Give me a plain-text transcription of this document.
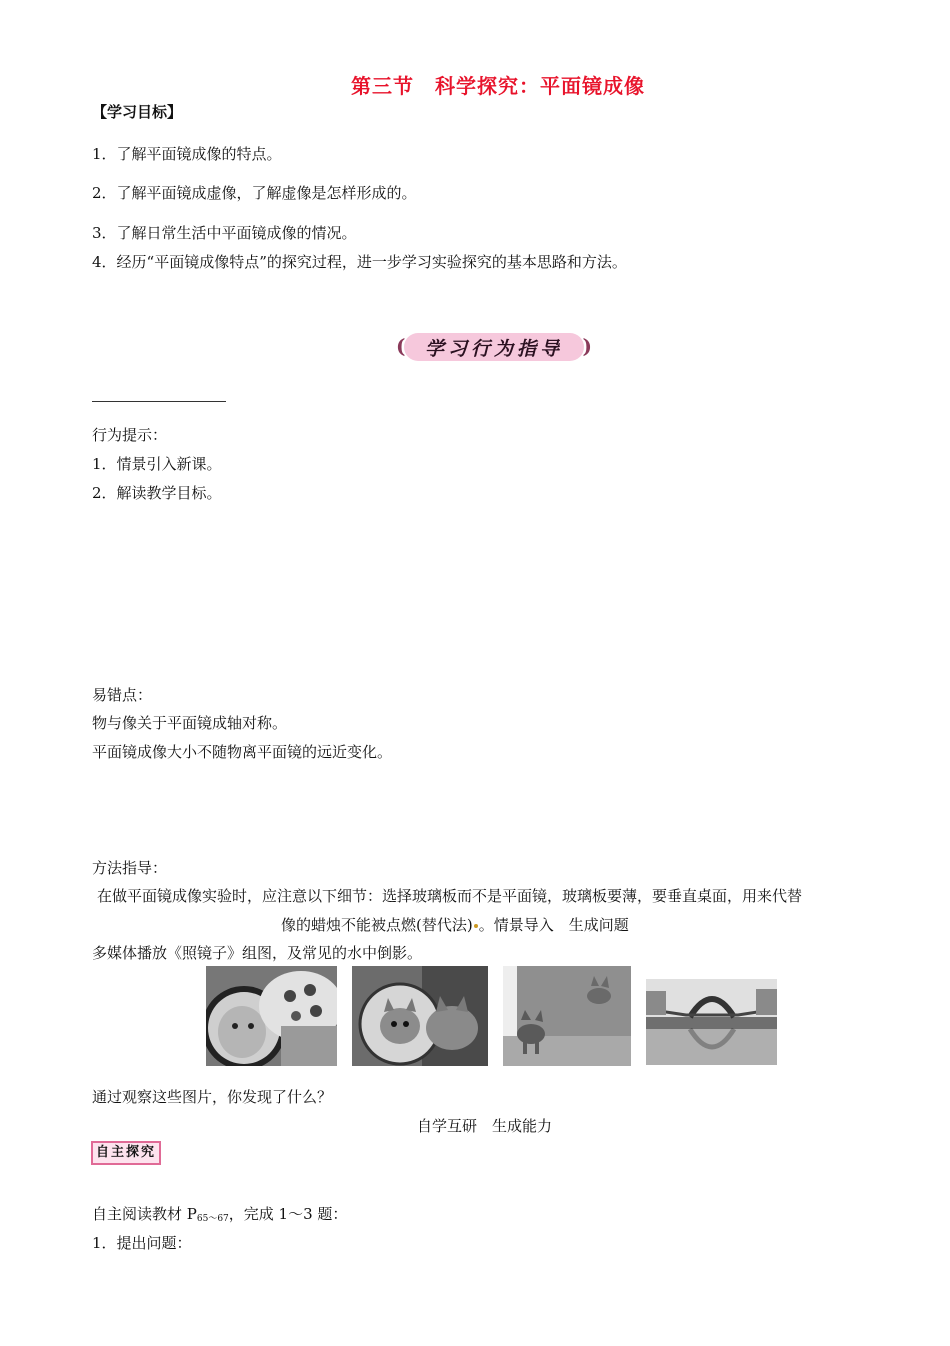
第三节　科学探究：平面镜成像
【学习目标】
1．了解平面镜成像的特点。
2．了解平面镜成虚像，了解虚像是怎样形成的。
3．了解日常生活中平面镜成像的情况。
4．经历“平面镜成像特点”的探究过程，进一步学习实验探究的基本思路和方法。
(	)
学习行为指导
行为提示：
1．情景引入新课。
2．解读教学目标。
易错点：
物与像关于平面镜成轴对称。
平面镜成像大小不随物离平面镜的远近变化。
方法指导：
在做平面镜成像实验时，应注意以下细节：选择玻璃板而不是平面镜，玻璃板要薄，要垂直桌面，用来代替
像的蜡烛不能被点燃(替代法) 。情景导入　生成问题
多媒体播放《照镜子》组图，及常见的水中倒影。
通过观察这些图片，你发现了什么？
自学互研　生成能力
自主探究
自主阅读教材 $P_{65\sim 67}$，完成 1～3 题：
1．提出问题：
